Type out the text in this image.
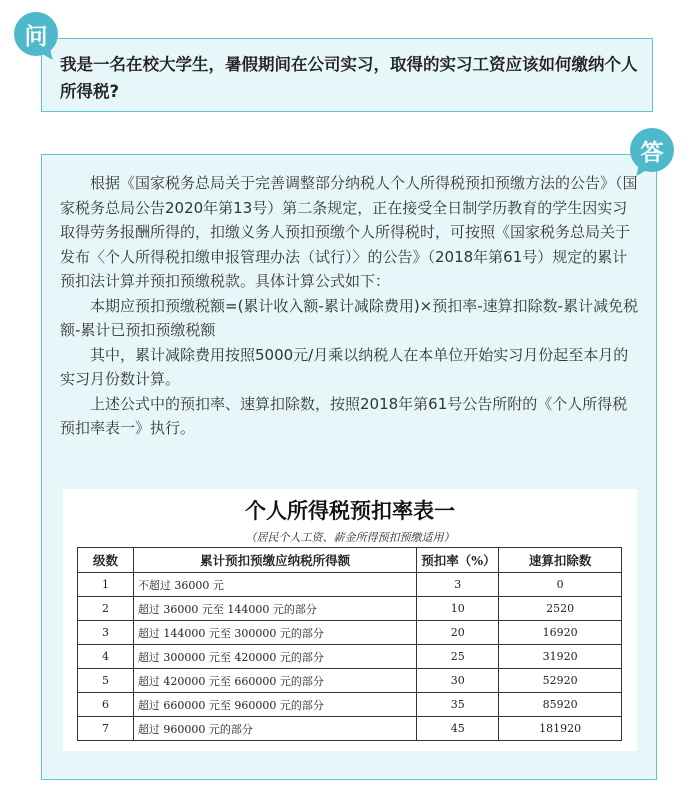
我是一名在校大学生，暑假期间在公司实习，取得的实习工资应该如何缴纳个人所得税?
问

根据《国家税务总局关于完善调整部分纳税人个人所得税预扣预缴方法的公告》（国家税务总局公告2020年第13号）第二条规定，正在接受全日制学历教育的学生因实习取得劳务报酬所得的，扣缴义务人预扣预缴个人所得税时，可按照《国家税务总局关于发布〈个人所得税扣缴申报管理办法（试行）〉的公告》（2018年第61号）规定的累计预扣法计算并预扣预缴税款。具体计算公式如下：

本期应预扣预缴税额=(累计收入额-累计减除费用)×预扣率-速算扣除数-累计减免税额-累计已预扣预缴税额

其中，累计减除费用按照5000元/月乘以纳税人在本单位开始实习月份起至本月的实习月份数计算。

上述公式中的预扣率、速算扣除数，按照2018年第61号公告所附的《个人所得税预扣率表一》执行。

个人所得税预扣率表一
（居民个人工资、薪金所得预扣预缴适用）
级数	累计预扣预缴应纳税所得额	预扣率（%）	速算扣除数
1	不超过 36000 元	3	0
2	超过 36000 元至 144000 元的部分	10	2520
3	超过 144000 元至 300000 元的部分	20	16920
4	超过 300000 元至 420000 元的部分	25	31920
5	超过 420000 元至 660000 元的部分	30	52920
6	超过 660000 元至 960000 元的部分	35	85920
7	超过 960000 元的部分	45	181920
答
